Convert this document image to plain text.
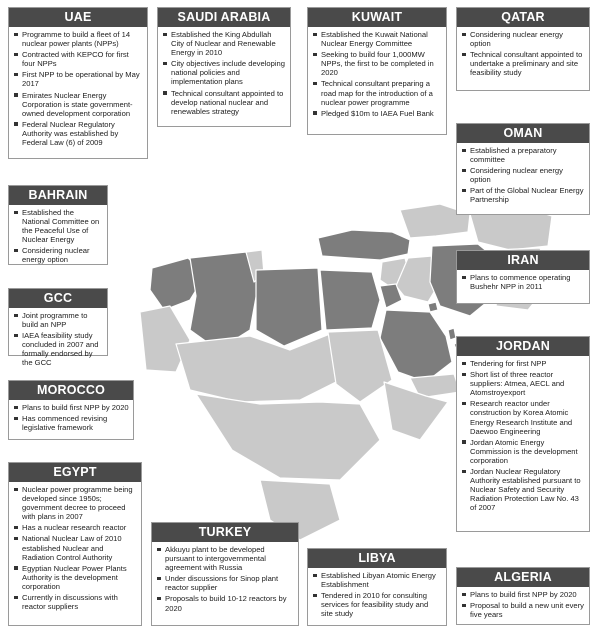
UAE
Programme to build a fleet of 14 nuclear power plants (NPPs)
Contracted with KEPCO for first four NPPs
First NPP to be operational by May 2017
Emirates Nuclear Energy Corporation is state government-owned development corporation
Federal Nuclear Regulatory Authority was established by Federal Law (6) of 2009
SAUDI ARABIA
Established the King Abdullah City of Nuclear and Renewable Energy in 2010
City objectives include developing national policies and implementation plans
Technical consultant appointed to develop national nuclear and renewables strategy
KUWAIT
Established the Kuwait National Nuclear Energy Committee
Seeking to build four 1,000MW NPPs, the first to be completed in 2020
Technical consultant preparing a road map for the introduction of a nuclear power programme
Pledged $10m to IAEA Fuel Bank
QATAR
Considering nuclear energy option
Technical consultant appointed to undertake a preliminary and site feasibility study
OMAN
Established a preparatory committee
Considering nuclear energy option
Part of the Global Nuclear Energy Partnership
BAHRAIN
Established the National Committee on the Peaceful Use of Nuclear Energy
Considering nuclear energy option	IRAN
Plans to commence operating Bushehr NPP in 2011
GCC
Joint programme to build an NPP
IAEA feasibility study concluded in 2007 and formally endorsed by the GCC
JORDAN
Tendering for first NPP
Short list of three reactor suppliers: Atmea, AECL and Atomstroyexport
Research reactor under construction by Korea Atomic Energy Research Institute and Daewoo Engineering
Jordan Atomic Energy Commission is the development corporation
Jordan Nuclear Regulatory Authority established pursuant to Nuclear Safety and Security Radiation Protection Law No. 43 of 2007
MOROCCO
Plans to build first NPP by 2020
Has commenced revising legislative framework
EGYPT
Nuclear power programme being developed since 1950s; government decree to proceed with plans in 2007
Has a nuclear research reactor
National Nuclear Law of 2010 established Nuclear and Radiation Control Authority
Egyptian Nuclear Power Plants Authority is the development corporation
Currently in discussions with reactor suppliers
TURKEY
Akkuyu plant to be developed pursuant to intergovernmental agreement with Russia
Under discussions for Sinop plant reactor supplier
Proposals to build 10-12 reactors by 2020
LIBYA
Established Libyan Atomic Energy Establishment
Tendered in 2010 for consulting services for feasibility study and site study
ALGERIA
Plans to build first NPP by 2020
Proposal to build a new unit every five years
